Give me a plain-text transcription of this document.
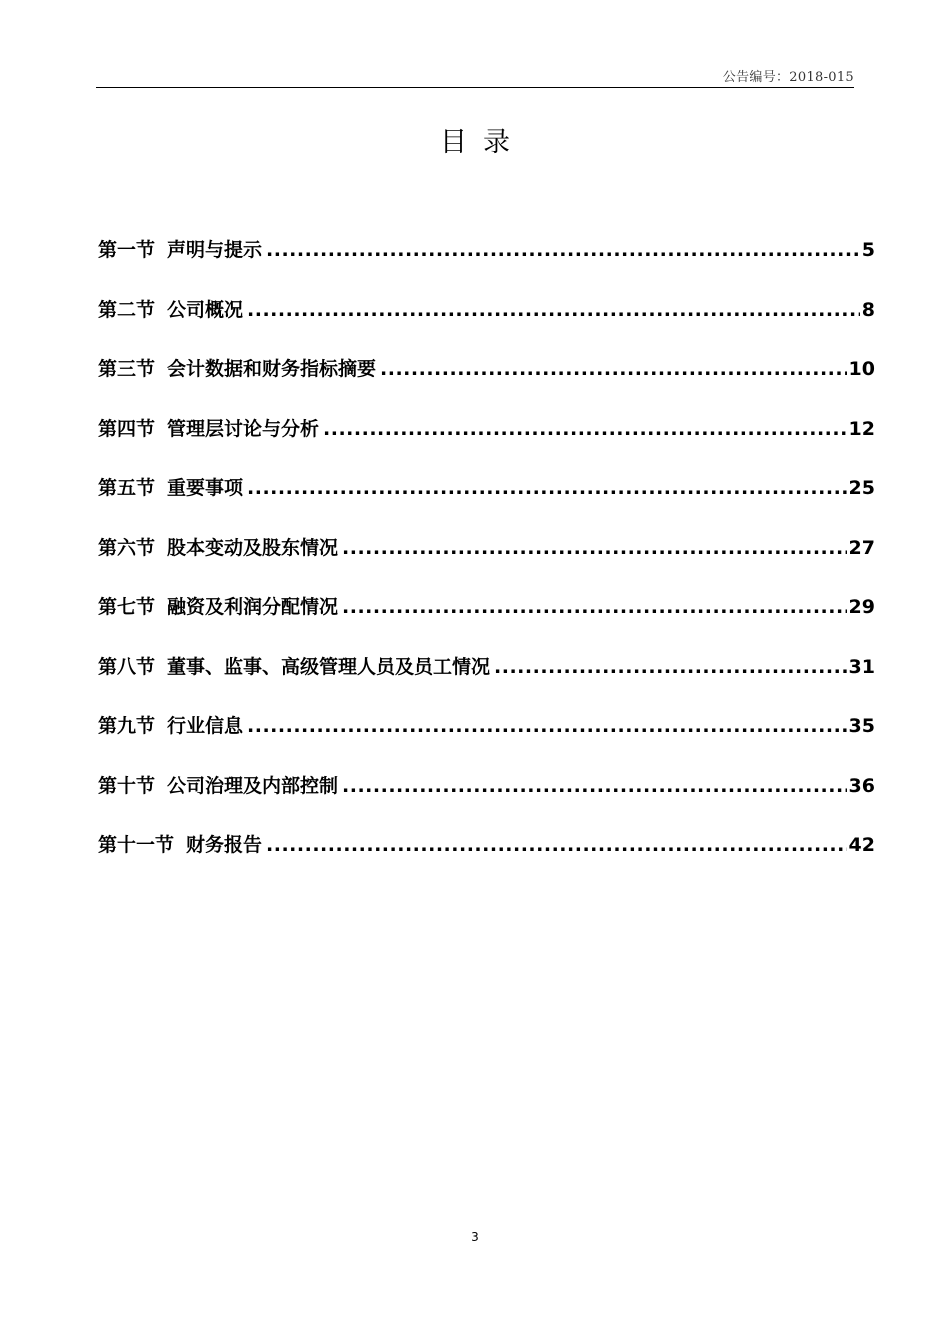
公告编号：2018-015
目录
第一节 声明与提示 .....	5
第二节 公司概况 .....	8
第三节 会计数据和财务指标摘要 .....	10
第四节 管理层讨论与分析 .....	12
第五节 重要事项 .....	25
第六节 股本变动及股东情况 .....	27
第七节 融资及利润分配情况 .....	29
第八节 董事、监事、高级管理人员及员工情况 .....	31
第九节 行业信息 .....	35
第十节 公司治理及内部控制 .....	36
第十一节 财务报告 .....	42
3
